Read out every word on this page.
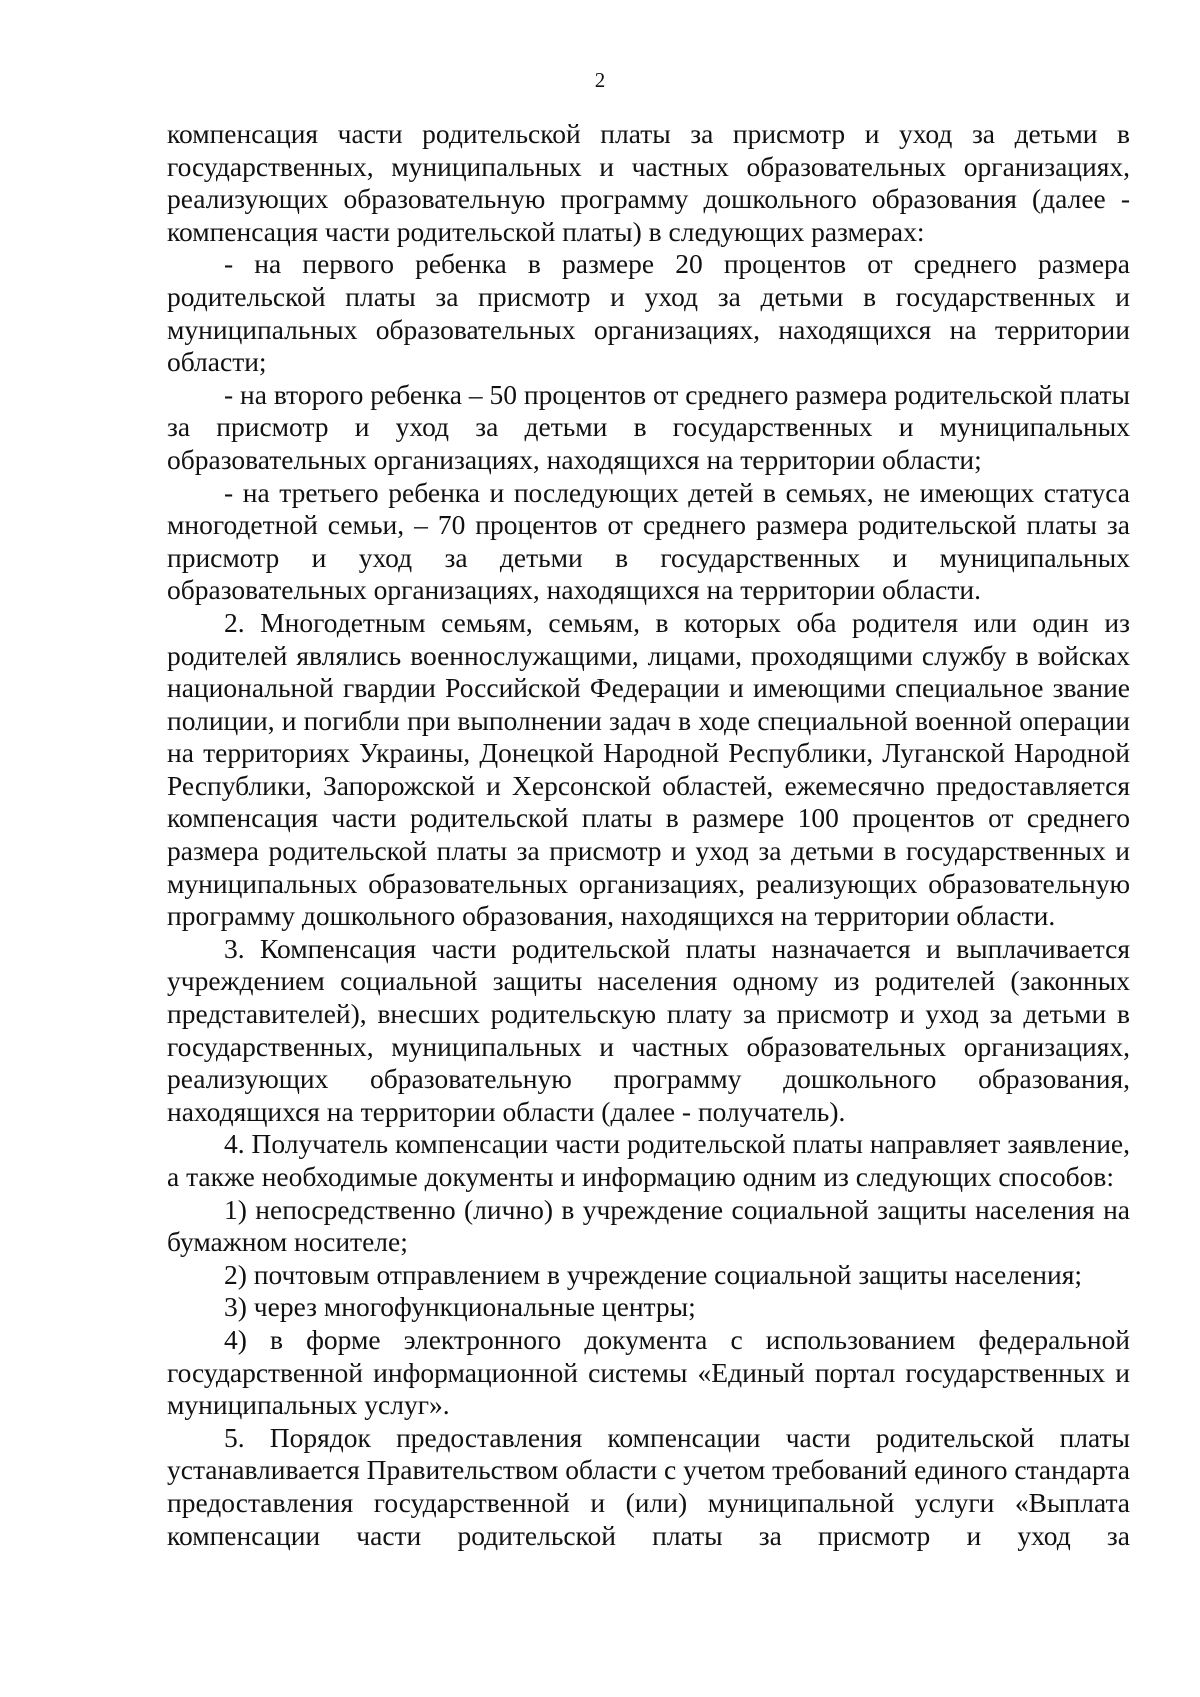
2

компенсация части родительской платы за присмотр и уход за детьми в государственных, муниципальных и частных образовательных организациях, реализующих образовательную программу дошкольного образования (далее - компенсация части родительской платы) в следующих размерах:

- на первого ребенка в размере 20 процентов от среднего размера родительской платы за присмотр и уход за детьми в государственных и муниципальных образовательных организациях, находящихся на территории области;

- на второго ребенка – 50 процентов от среднего размера родительской платы за присмотр и уход за детьми в государственных и муниципальных образовательных организациях, находящихся на территории области;

- на третьего ребенка и последующих детей в семьях, не имеющих статуса многодетной семьи, – 70 процентов от среднего размера родительской платы за присмотр и уход за детьми в государственных и муниципальных образовательных организациях, находящихся на территории области.

2. Многодетным семьям, семьям, в которых оба родителя или один из родителей являлись военнослужащими, лицами, проходящими службу в войсках национальной гвардии Российской Федерации и имеющими специальное звание полиции, и погибли при выполнении задач в ходе специальной военной операции на территориях Украины, Донецкой Народной Республики, Луганской Народной Республики, Запорожской и Херсонской областей, ежемесячно предоставляется компенсация части родительской платы в размере 100 процентов от среднего размера родительской платы за присмотр и уход за детьми в государственных и муниципальных образовательных организациях, реализующих образовательную программу дошкольного образования, находящихся на территории области.

3. Компенсация части родительской платы назначается и выплачивается учреждением социальной защиты населения одному из родителей (законных представителей), внесших родительскую плату за присмотр и уход за детьми в государственных, муниципальных и частных образовательных организациях, реализующих образовательную программу дошкольного образования, находящихся на территории области (далее - получатель).

4. Получатель компенсации части родительской платы направляет заявление, а также необходимые документы и информацию одним из следующих способов:

1) непосредственно (лично) в учреждение социальной защиты населения на бумажном носителе;

2) почтовым отправлением в учреждение социальной защиты населения;

3) через многофункциональные центры;

4) в форме электронного документа с использованием федеральной государственной информационной системы «Единый портал государственных и муниципальных услуг».

5. Порядок предоставления компенсации части родительской платы устанавливается Правительством области с учетом требований единого стандарта предоставления государственной и (или) муниципальной услуги «Выплата компенсации части родительской платы за присмотр и уход за
